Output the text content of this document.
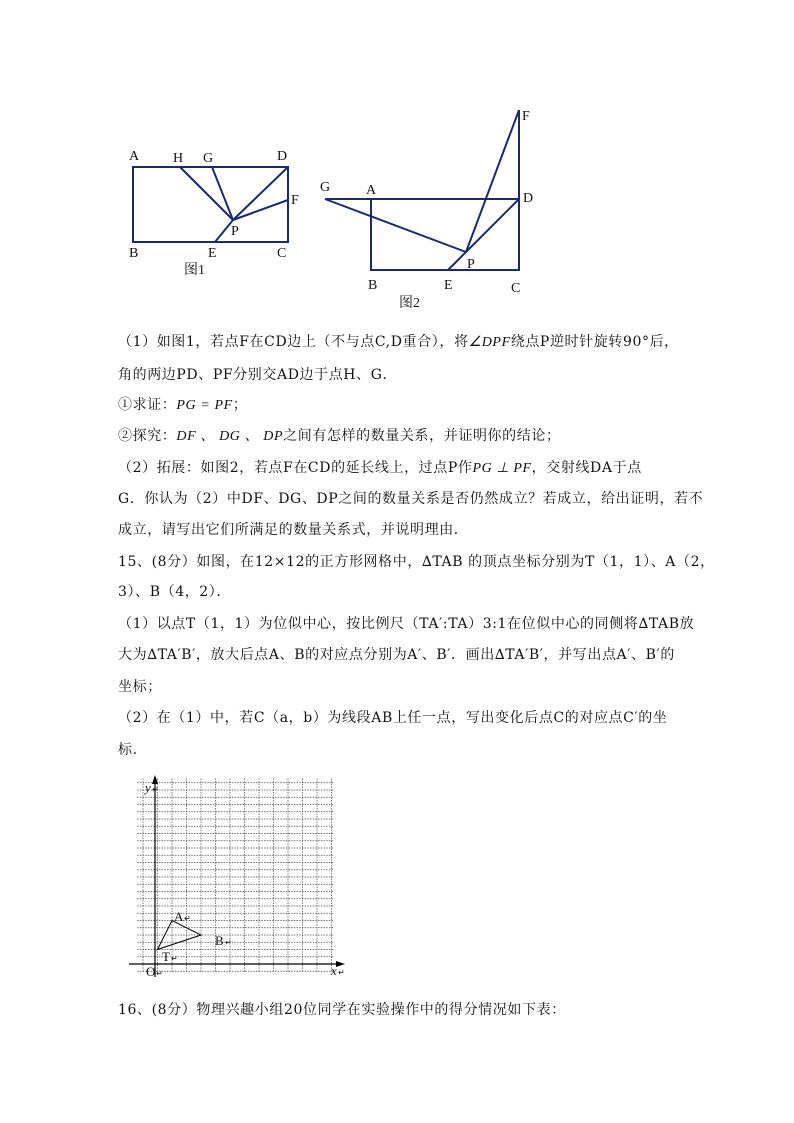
A H G	D
F
P
B	E	C
图1
F
G	A
D
P
B	E	C
图2
（1）如图1，若点F在CD边上（不与点C,D重合），将∠DPF绕点P逆时针旋转90°后，
角的两边PD、PF分别交AD边于点H、G．
①求证：PG = PF；
②探究：DF 、 DG 、 DP之间有怎样的数量关系，并证明你的结论；
（2）拓展：如图2，若点F在CD的延长线上，过点P作PG ⊥ PF，交射线DA于点
G．你认为（2）中DF、DG、DP之间的数量关系是否仍然成立？若成立，给出证明，若不
成立，请写出它们所满足的数量关系式，并说明理由．
15、(8分）如图，在12×12的正方形网格中，∆TAB 的顶点坐标分别为T（1，1）、A（2，
3）、B（4，2）．
（1）以点T（1，1）为位似中心，按比例尺（TA′:TA）3:1在位似中心的同侧将∆TAB放
大为∆TA′B′，放大后点A、B的对应点分别为A′、B′．画出∆TA′B′，并写出点A′、B′的
坐标；
（2）在（1）中，若C（a，b）为线段AB上任一点，写出变化后点C的对应点C′的坐
标．
y ↵
x ↵
O ↵
A ↵
B ↵
T ↵
16、(8分）物理兴趣小组20位同学在实验操作中的得分情况如下表：
